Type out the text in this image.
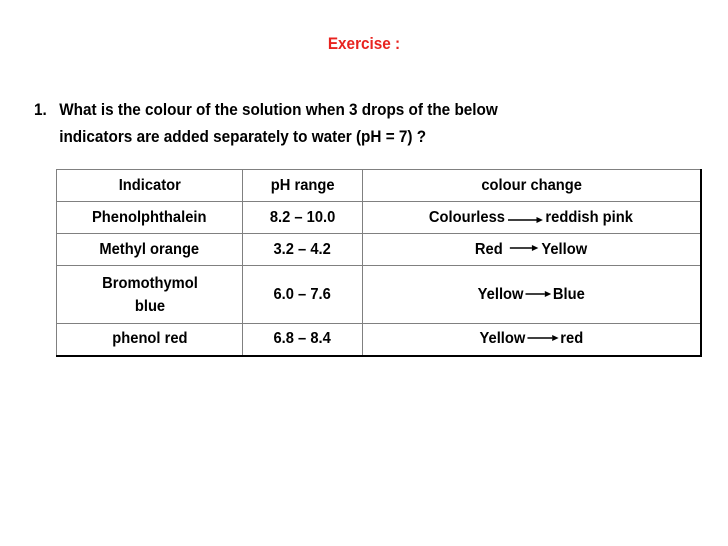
Exercise :
1. What is the colour of the solution when 3 drops of the below
indicators are added separately to water (pH = 7) ?
Indicator	pH range	colour change
Phenolphthalein	8.2 – 10.0	Colourless reddish pink

Methyl orange	3.2 – 4.2	Red Yellow

Bromothymol
blue	6.0 – 7.6	Yellow Blue

phenol red	6.8 – 8.4	Yellow red
